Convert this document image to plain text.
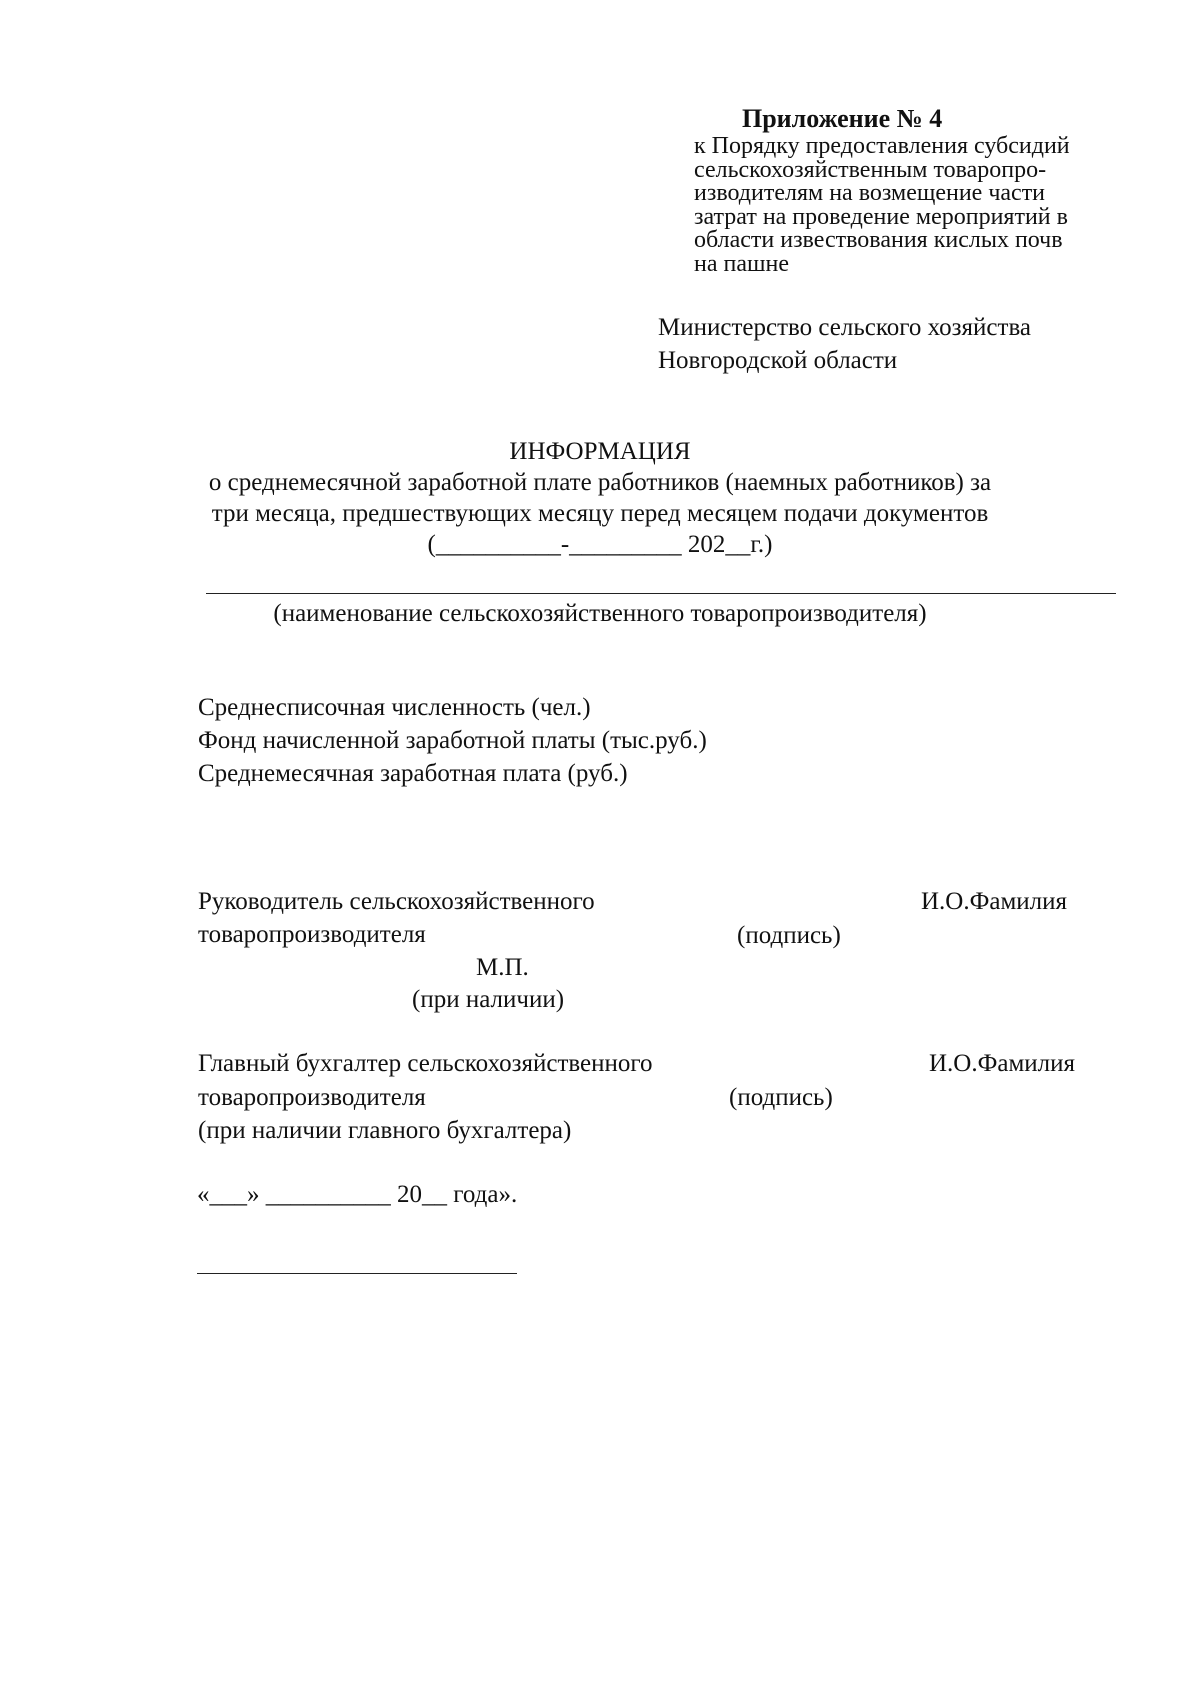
Приложение № 4
к Порядку предоставления субсидий
сельскохозяйственным товаропро-
изводителям на возмещение части
затрат на проведение мероприятий в
области извествования кислых почв
на пашне
Министерство сельского хозяйства
Новгородской области
ИНФОРМАЦИЯ
о среднемесячной заработной плате работников (наемных работников) за
три месяца, предшествующих месяцу перед месяцем подачи документов
(__________-_________ 202__г.)
(наименование сельскохозяйственного товаропроизводителя)
Среднесписочная численность (чел.)
Фонд начисленной заработной платы (тыс.руб.)
Среднемесячная заработная плата (руб.)
Руководитель сельскохозяйственного
товаропроизводителя	(подпись)
И.О.Фамилия
М.П.
(при наличии)
Главный бухгалтер сельскохозяйственного
товаропроизводителя
(при наличии главного бухгалтера)
(подпись)
И.О.Фамилия
«___» __________ 20__ года».
